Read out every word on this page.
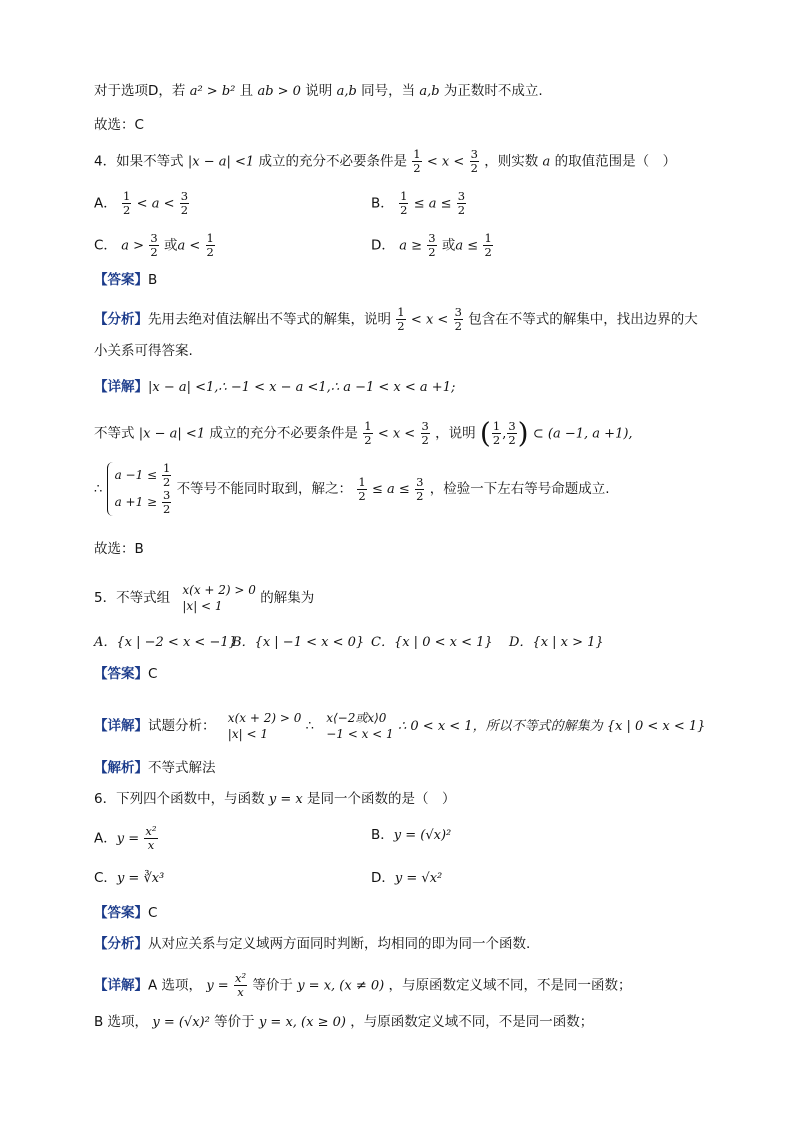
对于选项D，若 a² > b² 且 ab > 0 说明 a,b 同号，当 a,b 为正数时不成立.
故选：C
4．如果不等式 |x − a| <1 成立的充分不必要条件是 $\frac{1}{2} < x < \frac{3}{2}$ ，则实数 a 的取值范围是（　）
A． $\frac{1}{2} < a < \frac{3}{2}$	B． $\frac{1}{2} \le a \le \frac{3}{2}$
C． $a > \frac{3}{2}$ 或$a < \frac{1}{2}$	D． $a \ge \frac{3}{2}$ 或$a \le \frac{1}{2}$
【答案】B
【分析】先用去绝对值法解出不等式的解集，说明 $\frac{1}{2} < x < \frac{3}{2}$ 包含在不等式的解集中，找出边界的大
小关系可得答案.
【详解】|x − a| <1,∴ −1 < x − a <1,∴ a −1 < x < a +1;
不等式 |x − a| <1 成立的充分不必要条件是 $\frac{1}{2} < x < \frac{3}{2}$ ，说明 ( $\frac{1}{2}$ , $\frac{3}{2}$ ) ⊂ (a −1, a +1),
∴
$a -1 \le \frac{1}{2}$
$a +1 \ge \frac{3}{2}$ 不等号不能同时取到，解之： $\frac{1}{2} \le a \le \frac{3}{2}$ ，检验一下左右等号命题成立.
故选：B
5．不等式组 x(x + 2) > 0
|x| < 1	的解集为
A．{x | −2 < x < −1}
B．{x | −1 < x < 0} C．{x | 0 < x < 1} D．{x | x > 1}
【答案】C
【详解】试题分析： x(x + 2) > 0
|x| < 1	∴
x⟨−2或x⟩0
−1 < x < 1 ∴ 0 < x < 1，所以不等式的解集为 {x | 0 < x < 1}
【解析】不等式解法
6．下列四个函数中，与函数 y = x 是同一个函数的是（　）
A．$y = \frac{\text{x²}}{x}$	B．y = (√x)²
C．y = ∛x³	D．y = √x²
【答案】C
【分析】从对应关系与定义域两方面同时判断，均相同的即为同一个函数.
【详解】A 选项， $y = \frac{\text{x²}}{x}$ 等价于 y = x, (x ≠ 0) ，与原函数定义域不同，不是同一函数；
B 选项， y = (√x)² 等价于 y = x, (x ≥ 0) ，与原函数定义域不同，不是同一函数；
